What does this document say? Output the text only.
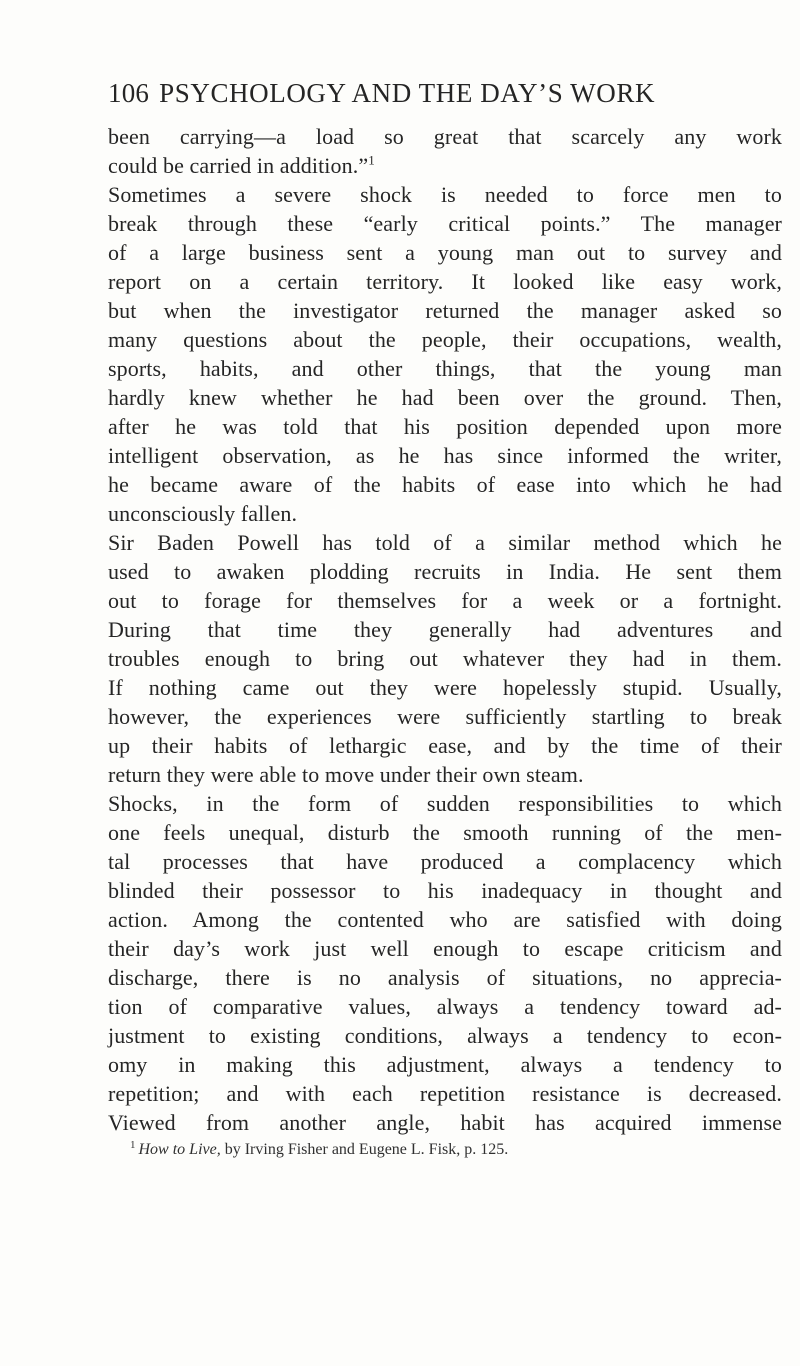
106 PSYCHOLOGY AND THE DAY’S WORK
been carrying—a load so great that scarcely any work
could be carried in addition.”$^1$
Sometimes a severe shock is needed to force men to
break through these “early critical points.” The manager
of a large business sent a young man out to survey and
report on a certain territory. It looked like easy work,
but when the investigator returned the manager asked so
many questions about the people, their occupations, wealth,
sports, habits, and other things, that the young man
hardly knew whether he had been over the ground. Then,
after he was told that his position depended upon more
intelligent observation, as he has since informed the writer,
he became aware of the habits of ease into which he had
unconsciously fallen.
Sir Baden Powell has told of a similar method which he
used to awaken plodding recruits in India. He sent them
out to forage for themselves for a week or a fortnight.
During that time they generally had adventures and
troubles enough to bring out whatever they had in them.
If nothing came out they were hopelessly stupid. Usually,
however, the experiences were sufficiently startling to break
up their habits of lethargic ease, and by the time of their
return they were able to move under their own steam.
Shocks, in the form of sudden responsibilities to which
one feels unequal, disturb the smooth running of the men-
tal processes that have produced a complacency which
blinded their possessor to his inadequacy in thought and
action. Among the contented who are satisfied with doing
their day’s work just well enough to escape criticism and
discharge, there is no analysis of situations, no apprecia-
tion of comparative values, always a tendency toward ad-
justment to existing conditions, always a tendency to econ-
omy in making this adjustment, always a tendency to
repetition; and with each repetition resistance is decreased.
Viewed from another angle, habit has acquired immense
$^1$ How to Live, by Irving Fisher and Eugene L. Fisk, p. 125.
